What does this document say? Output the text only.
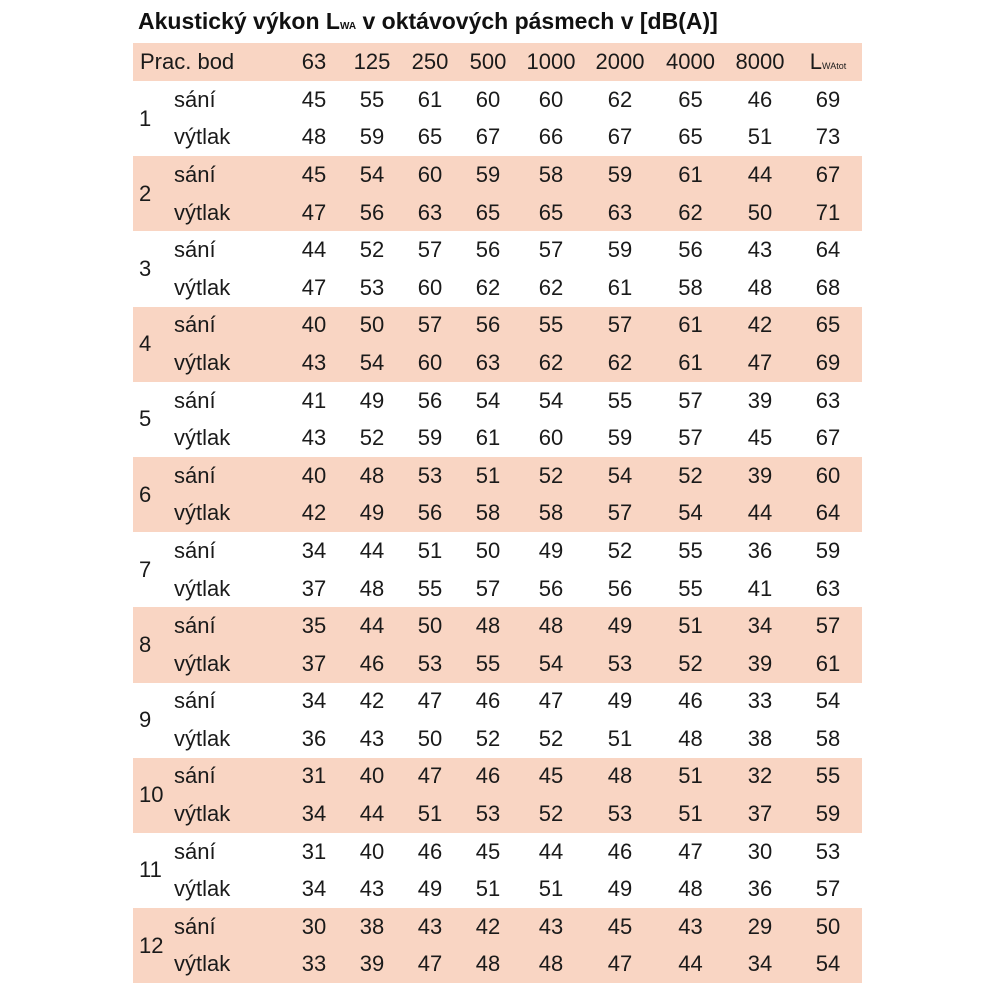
Akustický výkon LWA v oktávových pásmech v [dB(A)]
Prac. bod		63	125	250	500	1000	2000	4000	8000	LWAtot
1	sání	45	55	61	60	60	62	65	46	69
	výtlak	48	59	65	67	66	67	65	51	73
2	sání	45	54	60	59	58	59	61	44	67
	výtlak	47	56	63	65	65	63	62	50	71
3	sání	44	52	57	56	57	59	56	43	64
	výtlak	47	53	60	62	62	61	58	48	68
4	sání	40	50	57	56	55	57	61	42	65
	výtlak	43	54	60	63	62	62	61	47	69
5	sání	41	49	56	54	54	55	57	39	63
	výtlak	43	52	59	61	60	59	57	45	67
6	sání	40	48	53	51	52	54	52	39	60
	výtlak	42	49	56	58	58	57	54	44	64
7	sání	34	44	51	50	49	52	55	36	59
	výtlak	37	48	55	57	56	56	55	41	63
8	sání	35	44	50	48	48	49	51	34	57
	výtlak	37	46	53	55	54	53	52	39	61
9	sání	34	42	47	46	47	49	46	33	54
	výtlak	36	43	50	52	52	51	48	38	58
10	sání	31	40	47	46	45	48	51	32	55
	výtlak	34	44	51	53	52	53	51	37	59
11	sání	31	40	46	45	44	46	47	30	53
	výtlak	34	43	49	51	51	49	48	36	57
12	sání	30	38	43	42	43	45	43	29	50
	výtlak	33	39	47	48	48	47	44	34	54
